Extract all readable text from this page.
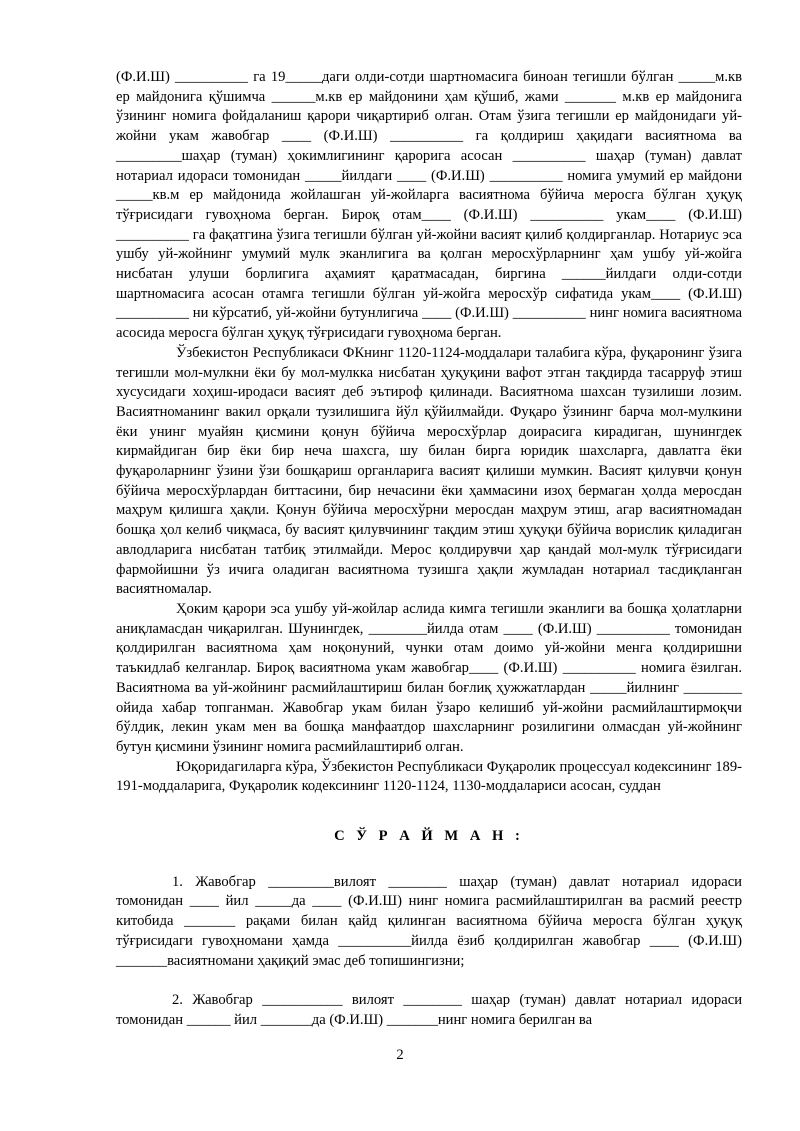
(Ф.И.Ш) __________ га 19_____даги олди-сотди шартномасига биноан тегишли бўлган _____м.кв ер майдонига қўшимча ______м.кв ер майдонини ҳам қўшиб, жами _______ м.кв ер майдонига ўзининг номига фойдаланиш қарори чиқартириб олган. Отам ўзига тегишли ер майдонидаги уй-жойни укам жавобгар ____ (Ф.И.Ш) __________ га қолдириш ҳақидаги васиятнома ва _________шаҳар (туман) ҳокимлигининг қарорига асосан __________ шаҳар (туман) давлат нотариал идораси томонидан _____йилдаги ____ (Ф.И.Ш) __________ номига умумий ер майдони _____кв.м ер майдонида жойлашган уй-жойларга васиятнома бўйича меросга бўлган ҳуқуқ тўғрисидаги гувоҳнома берган. Бироқ отам____ (Ф.И.Ш) __________ укам____ (Ф.И.Ш) __________ га фақатгина ўзига тегишли бўлган уй-жойни васият қилиб қолдирганлар. Нотариус эса ушбу уй-жойнинг умумий мулк эканлигига ва қолган меросхўрларнинг ҳам ушбу уй-жойга нисбатан улуши борлигига аҳамият қаратмасадан, биргина ______йилдаги олди-сотди шартномасига асосан отамга тегишли бўлган уй-жойга меросхўр сифатида укам____ (Ф.И.Ш) __________ ни кўрсатиб, уй-жойни бутунлигича ____ (Ф.И.Ш) __________ нинг номига васиятнома асосида меросга бўлган ҳуқуқ тўғрисидаги гувоҳнома берган.

Ўзбекистон Республикаси ФКнинг 1120-1124-моддалари талабига кўра, фуқаронинг ўзига тегишли мол-мулкни ёки бу мол-мулкка нисбатан ҳуқуқини вафот этган тақдирда тасарруф этиш хусусидаги хоҳиш-иродаси васият деб эътироф қилинади. Васиятнома шахсан тузилиши лозим. Васиятноманинг вакил орқали тузилишига йўл қўйилмайди. Фуқаро ўзининг барча мол-мулкини ёки унинг муайян қисмини қонун бўйича меросхўрлар доирасига кирадиган, шунингдек кирмайдиган бир ёки бир неча шахсга, шу билан бирга юридик шахсларга, давлатга ёки фуқароларнинг ўзини ўзи бошқариш органларига васият қилиши мумкин. Васият қилувчи қонун бўйича меросхўрлардан биттасини, бир нечасини ёки ҳаммасини изоҳ бермаган ҳолда меросдан маҳрум қилишга ҳақли. Қонун бўйича меросхўрни меросдан маҳрум этиш, агар васиятномадан бошқа ҳол келиб чиқмаса, бу васият қилувчининг тақдим этиш ҳуқуқи бўйича ворислик қиладиган авлодларига нисбатан татбиқ этилмайди. Мерос қолдирувчи ҳар қандай мол-мулк тўғрисидаги фармойишни ўз ичига оладиган васиятнома тузишга ҳақли жумладан нотариал тасдиқланган васиятномалар.

Ҳоким қарори эса ушбу уй-жойлар аслида кимга тегишли эканлиги ва бошқа ҳолатларни аниқламасдан чиқарилган. Шунингдек, ________йилда отам ____ (Ф.И.Ш) __________ томонидан қолдирилган васиятнома ҳам ноқонуний, чунки отам доимо уй-жойни менга қолдиришни таъкидлаб келганлар. Бироқ васиятнома укам жавобгар____ (Ф.И.Ш) __________ номига ёзилган. Васиятнома ва уй-жойнинг расмийлаштириш билан боғлиқ ҳужжатлардан _____йилнинг ________ ойида хабар топганман. Жавобгар укам билан ўзаро келишиб уй-жойни расмийлаштирмоқчи бўлдик, лекин укам мен ва бошқа манфаатдор шахсларнинг розилигини олмасдан уй-жойнинг бутун қисмини ўзининг номига расмийлаштириб олган.

Юқоридагиларга кўра, Ўзбекистон Республикаси Фуқаролик процессуал кодексининг 189-191-моддаларига, Фуқаролик кодексининг 1120-1124, 1130-моддалариси асосан, суддан

С Ў Р А Й М А Н :

1. Жавобгар _________вилоят ________ шаҳар (туман) давлат нотариал идораси томонидан ____ йил _____да ____ (Ф.И.Ш) нинг номига расмийлаштирилган ва расмий реестр китобида _______ рақами билан қайд қилинган васиятнома бўйича меросга бўлган ҳуқуқ тўғрисидаги гувоҳномани ҳамда __________йилда ёзиб қолдирилган жавобгар ____ (Ф.И.Ш) _______васиятномани ҳақиқий эмас деб топишингизни;

2. Жавобгар ___________ вилоят ________ шаҳар (туман) давлат нотариал идораси томонидан ______ йил _______да (Ф.И.Ш) _______нинг номига берилган ва

2
